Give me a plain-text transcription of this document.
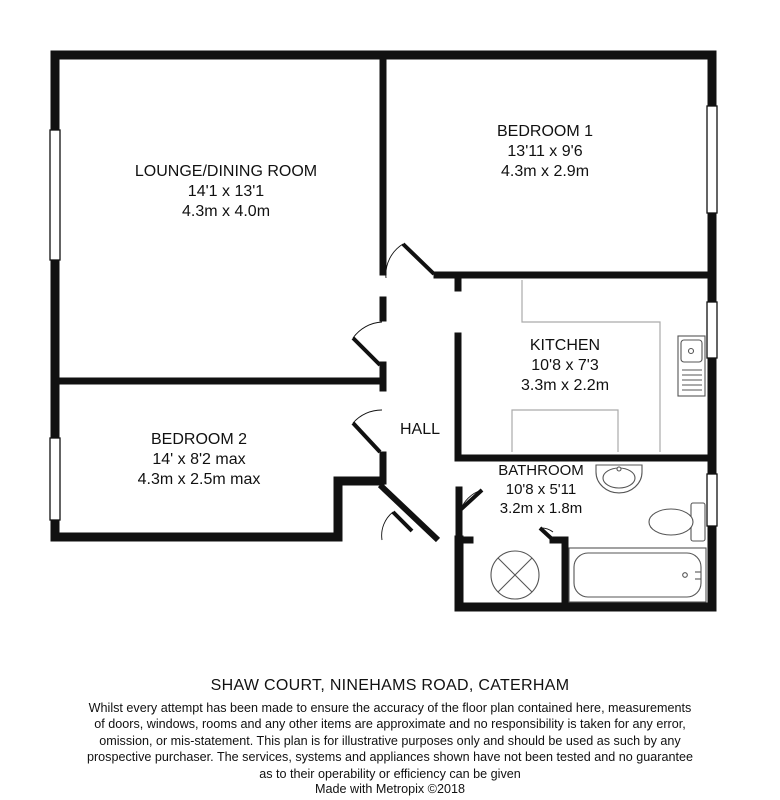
LOUNGE/DINING ROOM
14'1 x 13'1
4.3m x 4.0m
BEDROOM 1
13'11 x 9'6
4.3m x 2.9m
KITCHEN
10'8 x 7'3
3.3m x 2.2m
BEDROOM 2
14' x 8'2 max
4.3m x 2.5m max
HALL
BATHROOM
10'8 x 5'11
3.2m x 1.8m
SHAW COURT, NINEHAMS ROAD, CATERHAM
Whilst every attempt has been made to ensure the accuracy of the floor plan contained here, measurements
of doors, windows, rooms and any other items are approximate and no responsibility is taken for any error,
omission, or mis-statement. This plan is for illustrative purposes only and should be used as such by any
prospective purchaser. The services, systems and appliances shown have not been tested and no guarantee
as to their operability or efficiency can be given
Made with Metropix ©2018
